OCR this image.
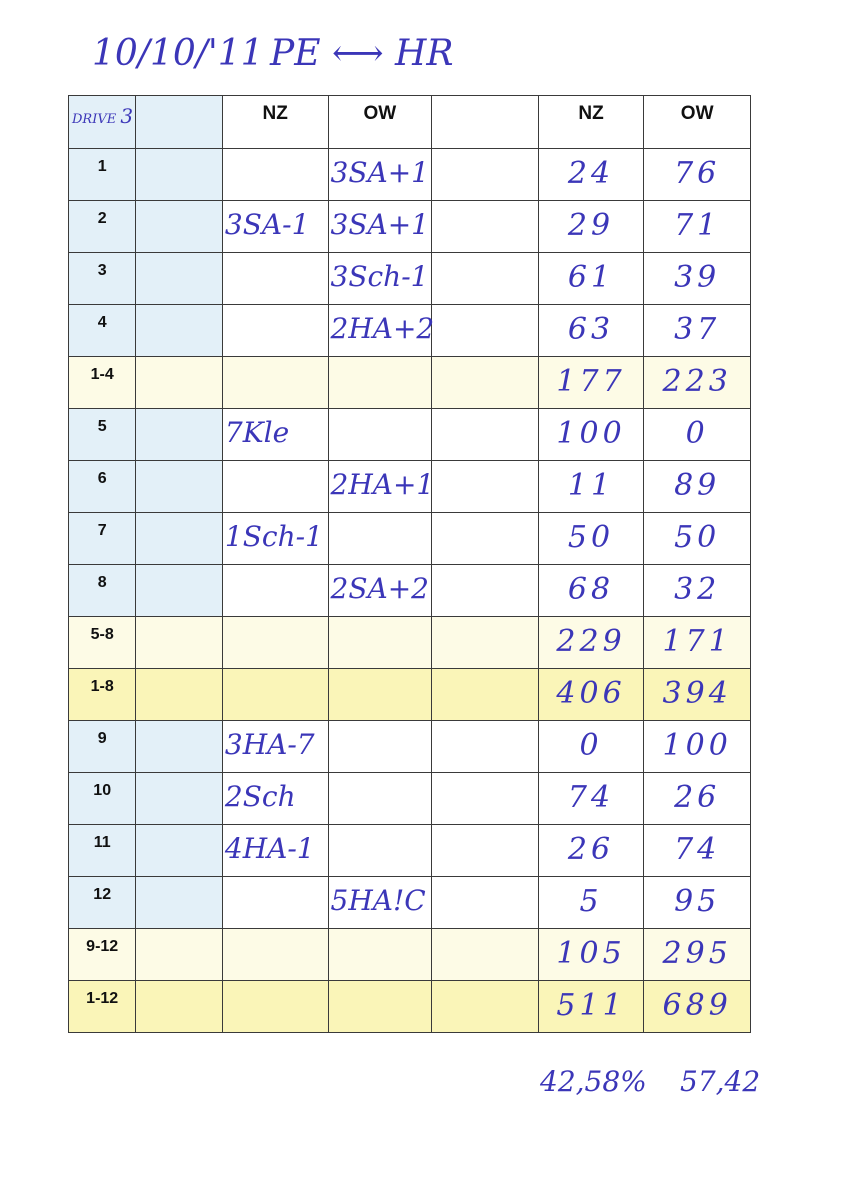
10/10/'11 PE ⟷ HR
DRIVE 3		NZ	OW		NZ	OW

1			3SA+1		24	76

2		3SA-1	3SA+1		29	71

3			3Sch-1		61	39

4			2HA+2		63	37

1-4					177	223

5		7Kle			100	0

6			2HA+1		11	89

7		1Sch-1			50	50

8			2SA+2		68	32

5-8					229	171

1-8					406	394

9		3HA-7			0	100

10		2Sch			74	26

11		4HA-1			26	74

12			5HA!C		5	95

9-12					105	295

1-12					511	689
42,58% 57,42
